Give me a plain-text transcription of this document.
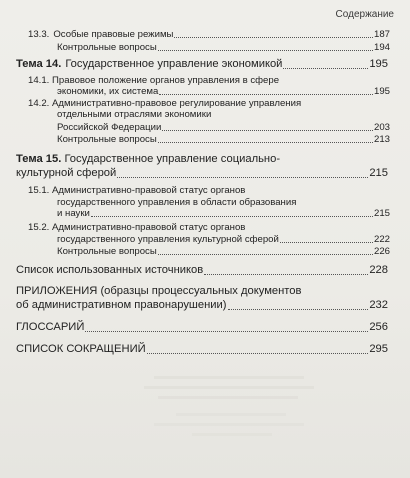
Содержание
13.3. Особые правовые режимы	187
Контрольные вопросы	194
Тема 14. Государственное управление экономикой	195
14.1. Правовое положение органов управления в сфере
экономики, их система	195
14.2. Административно-правовое регулирование управления
отдельными отраслями экономики
Российской Федерации	203
Контрольные вопросы	213
Тема 15. Государственное управление социально-
культурной сферой	215
15.1. Административно-правовой статус органов
государственного управления в области образования
и науки	215
15.2. Административно-правовой статус органов
государственного управления культурной сферой	222
Контрольные вопросы	226
Список использованных источников	228
ПРИЛОЖЕНИЯ (образцы процессуальных документов
об административном правонарушении)	232
ГЛОССАРИЙ	256
СПИСОК СОКРАЩЕНИЙ	295
